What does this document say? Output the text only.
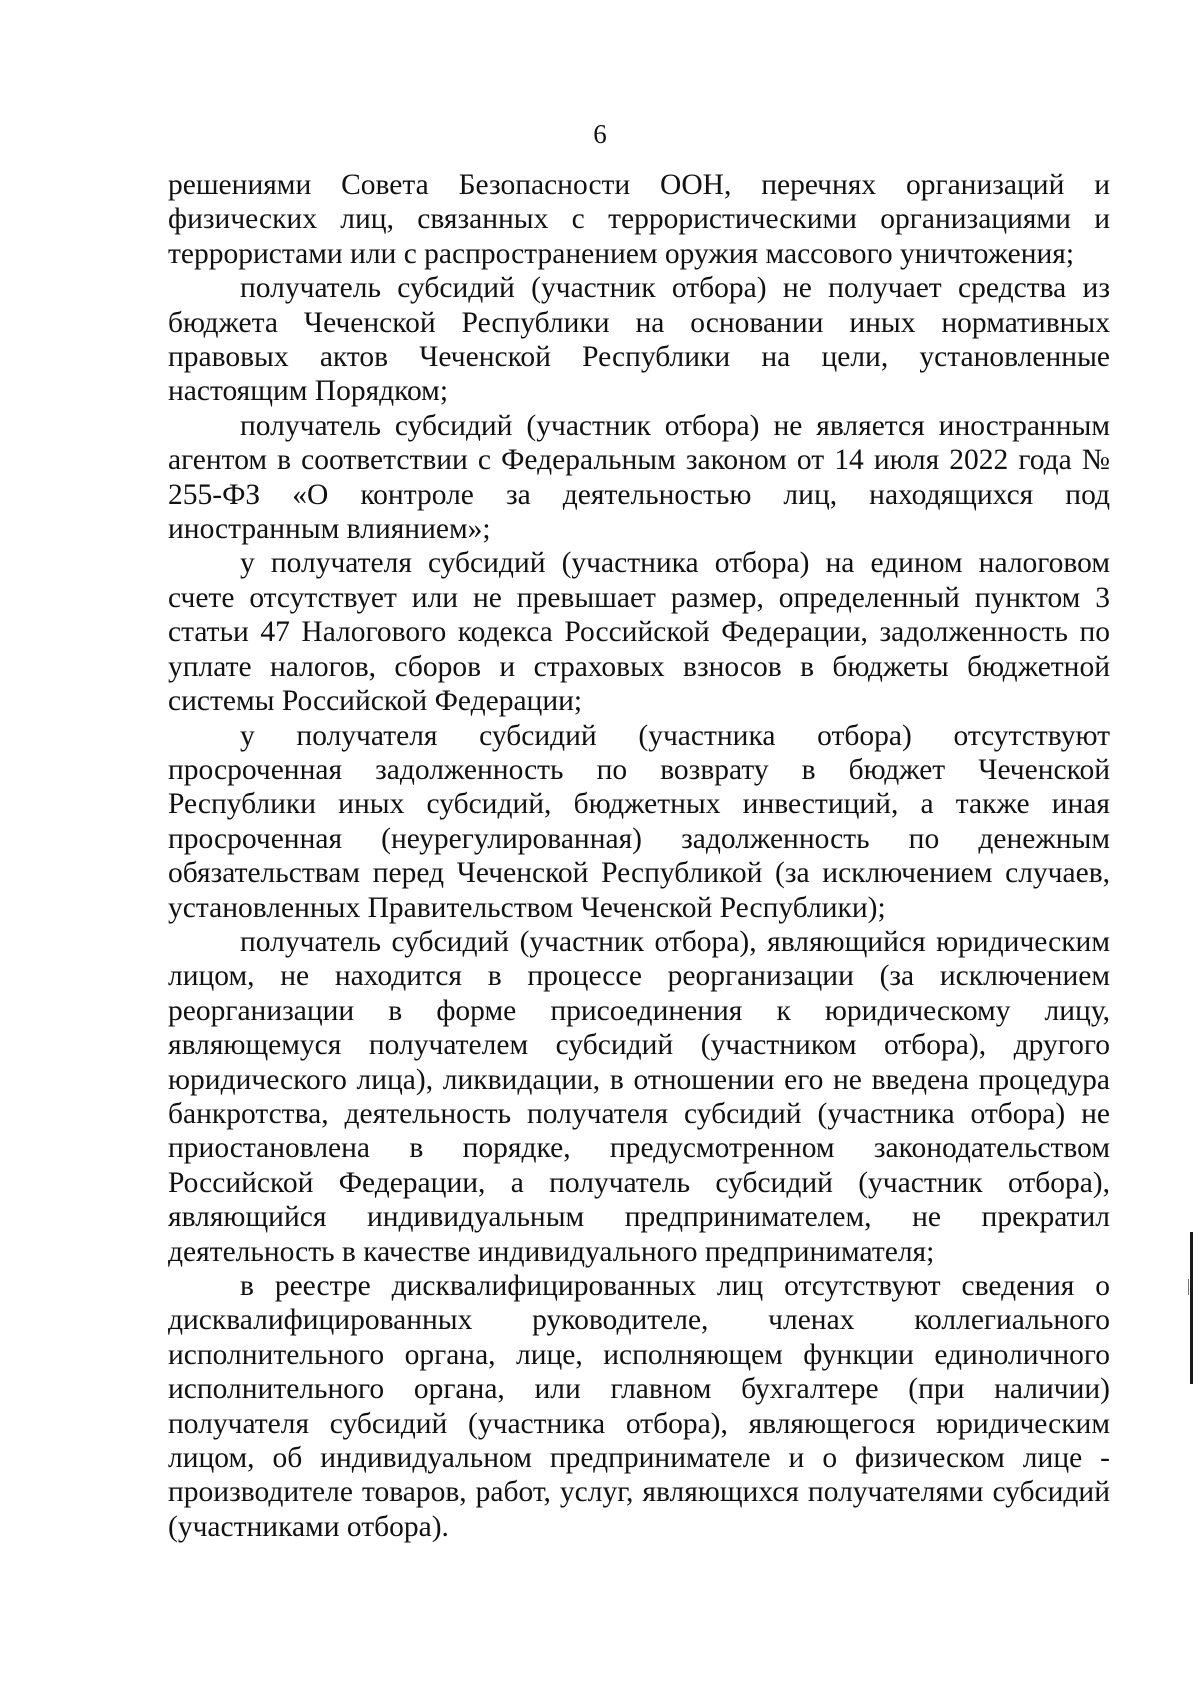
6

решениями Совета Безопасности ООН, перечнях организаций и физических лиц, связанных с террористическими организациями и террористами или с распространением оружия массового уничтожения;

получатель субсидий (участник отбора) не получает средства из бюджета Чеченской Республики на основании иных нормативных правовых актов Чеченской Республики на цели, установленные настоящим Порядком;

получатель субсидий (участник отбора) не является иностранным агентом в соответствии с Федеральным законом от 14 июля 2022 года № 255-ФЗ «О контроле за деятельностью лиц, находящихся под иностранным влиянием»;

у получателя субсидий (участника отбора) на едином налоговом счете отсутствует или не превышает размер, определенный пунктом 3 статьи 47 Налогового кодекса Российской Федерации, задолженность по уплате налогов, сборов и страховых взносов в бюджеты бюджетной системы Российской Федерации;

у получателя субсидий (участника отбора) отсутствуют просроченная задолженность по возврату в бюджет Чеченской Республики иных субсидий, бюджетных инвестиций, а также иная просроченная (неурегулированная) задолженность по денежным обязательствам перед Чеченской Республикой (за исключением случаев, установленных Правительством Чеченской Республики);

получатель субсидий (участник отбора), являющийся юридическим лицом, не находится в процессе реорганизации (за исключением реорганизации в форме присоединения к юридическому лицу, являющемуся получателем субсидий (участником отбора), другого юридического лица), ликвидации, в отношении его не введена процедура банкротства, деятельность получателя субсидий (участника отбора) не приостановлена в порядке, предусмотренном законодательством Российской Федерации, а получатель субсидий (участник отбора), являющийся индивидуальным предпринимателем, не прекратил деятельность в качестве индивидуального предпринимателя;

в реестре дисквалифицированных лиц отсутствуют сведения о дисквалифицированных руководителе, членах коллегиального исполнительного органа, лице, исполняющем функции единоличного исполнительного органа, или главном бухгалтере (при наличии) получателя субсидий (участника отбора), являющегося юридическим лицом, об индивидуальном предпринимателе и о физическом лице - производителе товаров, работ, услуг, являющихся получателями субсидий (участниками отбора).
